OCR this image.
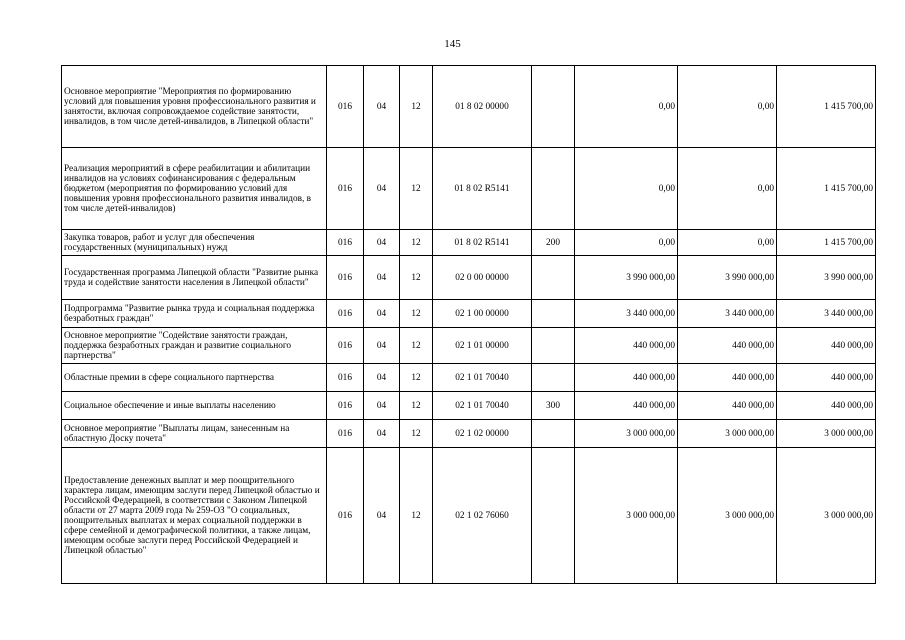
145
Основное мероприятие "Мероприятия по формированию условий для повышения уровня профессионального развития и занятости, включая сопровождаемое содействие занятости, инвалидов, в том числе детей-инвалидов, в Липецкой области"	016	04	12	01 8 02 00000		0,00	0,00	1 415 700,00
Реализация мероприятий в сфере реабилитации и абилитации инвалидов на условиях софинансирования с федеральным бюджетом (мероприятия по формированию условий для повышения уровня профессионального развития инвалидов, в том числе детей-инвалидов)	016	04	12	01 8 02 R5141		0,00	0,00	1 415 700,00
Закупка товаров, работ и услуг для обеспечения государственных (муниципальных) нужд	016	04	12	01 8 02 R5141	200	0,00	0,00	1 415 700,00
Государственная программа Липецкой области "Развитие рынка труда и содействие занятости населения в Липецкой области"	016	04	12	02 0 00 00000		3 990 000,00	3 990 000,00	3 990 000,00
Подпрограмма "Развитие рынка труда и социальная поддержка безработных граждан"	016	04	12	02 1 00 00000		3 440 000,00	3 440 000,00	3 440 000,00
Основное мероприятие "Содействие занятости граждан, поддержка безработных граждан и развитие социального партнерства"	016	04	12	02 1 01 00000		440 000,00	440 000,00	440 000,00
Областные премии в сфере социального партнерства	016	04	12	02 1 01 70040		440 000,00	440 000,00	440 000,00
Социальное обеспечение и иные выплаты населению	016	04	12	02 1 01 70040	300	440 000,00	440 000,00	440 000,00
Основное мероприятие "Выплаты лицам, занесенным на областную Доску почета"	016	04	12	02 1 02 00000		3 000 000,00	3 000 000,00	3 000 000,00
Предоставление денежных выплат и мер поощрительного характера лицам, имеющим заслуги перед Липецкой областью и Российской Федерацией, в соответствии с Законом Липецкой области от 27 марта 2009 года № 259-ОЗ "О социальных, поощрительных выплатах и мерах социальной поддержки в сфере семейной и демографической политики, а также лицам, имеющим особые заслуги перед Российской Федерацией и Липецкой областью"	016	04	12	02 1 02 76060		3 000 000,00	3 000 000,00	3 000 000,00
